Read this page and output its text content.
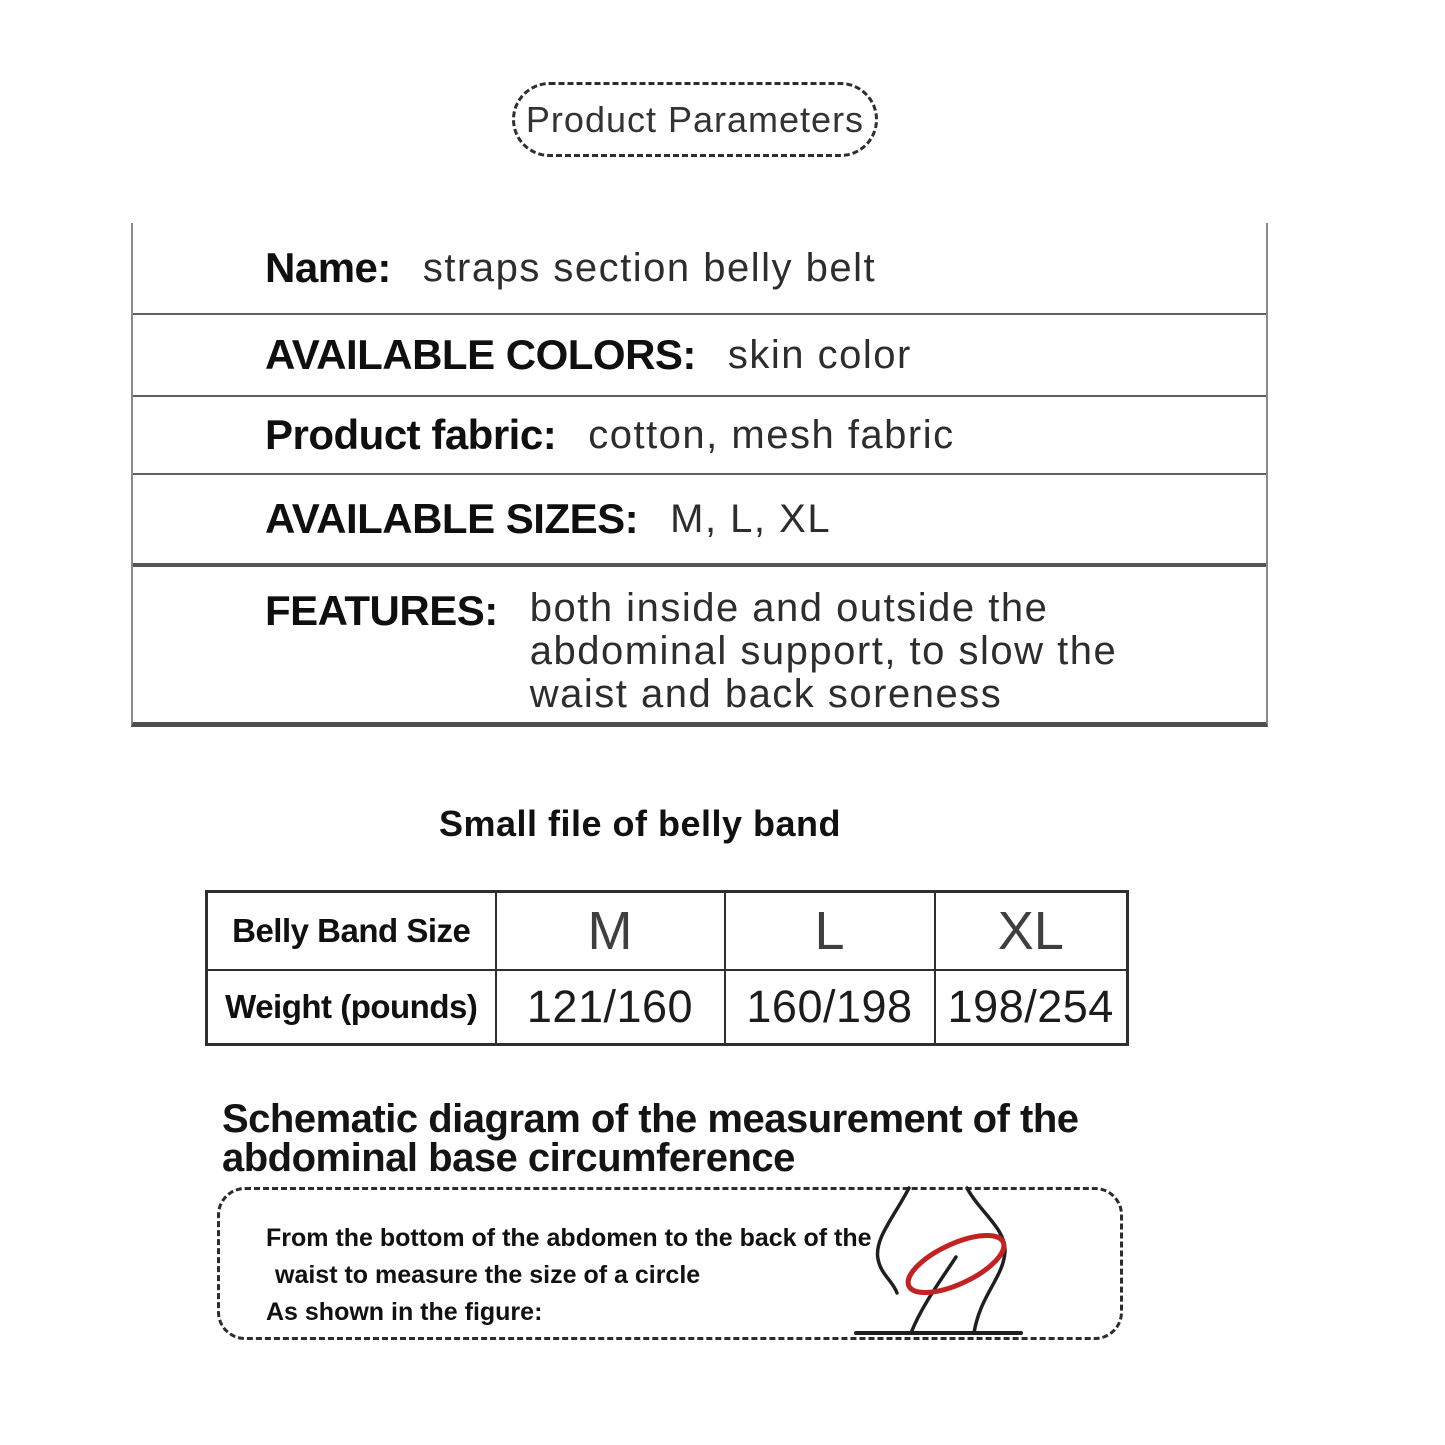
Product Parameters
Name: straps section belly belt
AVAILABLE COLORS: skin color
Product fabric: cotton, mesh fabric
AVAILABLE SIZES: M, L, XL
FEATURES: both inside and outside the abdominal support, to slow the waist and back soreness
Small file of belly band
Belly Band Size	M	L	XL
Weight (pounds)	121/160	160/198	198/254
Schematic diagram of the measurement of the
abdominal base circumference
From the bottom of the abdomen to the back of the
waist to measure the size of a circle
As shown in the figure:
